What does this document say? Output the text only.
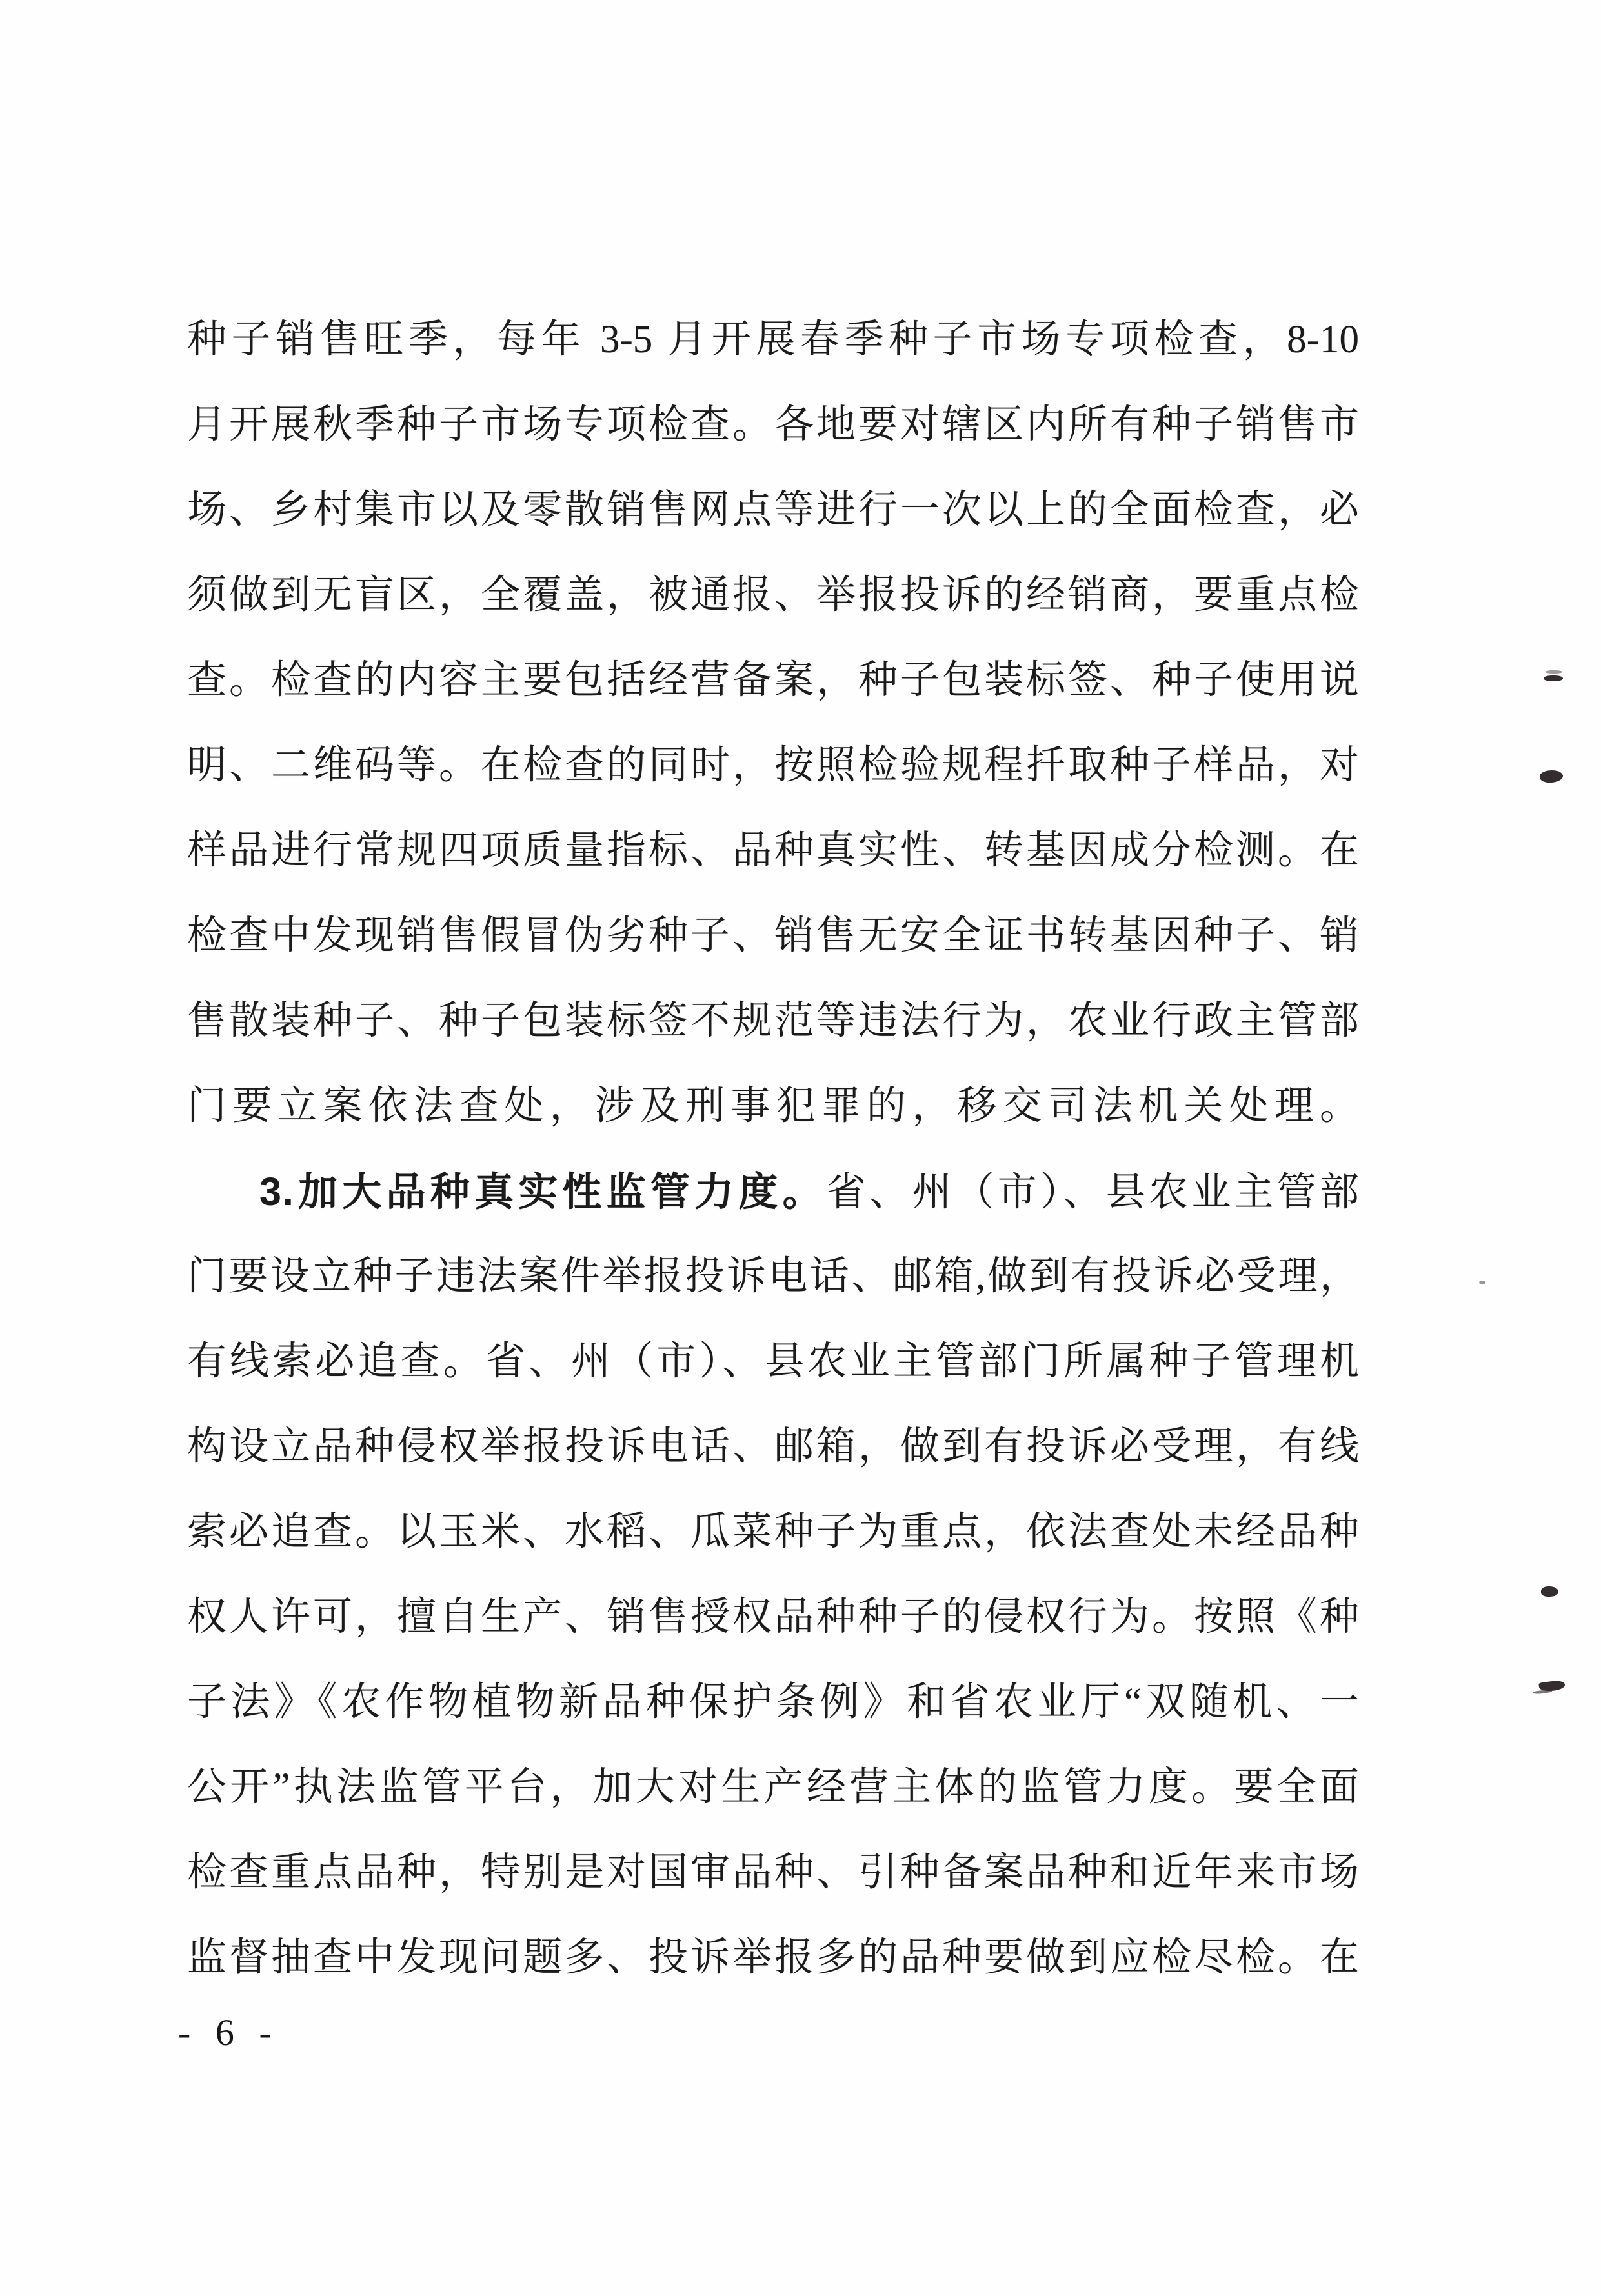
种子销售旺季，每年 3-5 月开展春季种子市场专项检查，8-10
月开展秋季种子市场专项检查。各地要对辖区内所有种子销售市
场、乡村集市以及零散销售网点等进行一次以上的全面检查，必
须做到无盲区，全覆盖，被通报、举报投诉的经销商，要重点检
查。检查的内容主要包括经营备案，种子包装标签、种子使用说
明、二维码等。在检查的同时，按照检验规程扦取种子样品，对
样品进行常规四项质量指标、品种真实性、转基因成分检测。在
检查中发现销售假冒伪劣种子、销售无安全证书转基因种子、销
售散装种子、种子包装标签不规范等违法行为，农业行政主管部
门要立案依法查处，涉及刑事犯罪的，移交司法机关处理。
3.加大品种真实性监管力度。省、州（市）、县农业主管部
门要设立种子违法案件举报投诉电话、邮箱,做到有投诉必受理，
有线索必追查。省、州（市）、县农业主管部门所属种子管理机
构设立品种侵权举报投诉电话、邮箱，做到有投诉必受理，有线
索必追查。以玉米、水稻、瓜菜种子为重点，依法查处未经品种
权人许可，擅自生产、销售授权品种种子的侵权行为。按照《种
子法》《农作物植物新品种保护条例》和省农业厅“双随机、一
公开”执法监管平台，加大对生产经营主体的监管力度。要全面
检查重点品种，特别是对国审品种、引种备案品种和近年来市场
监督抽查中发现问题多、投诉举报多的品种要做到应检尽检。在
- 6 -
